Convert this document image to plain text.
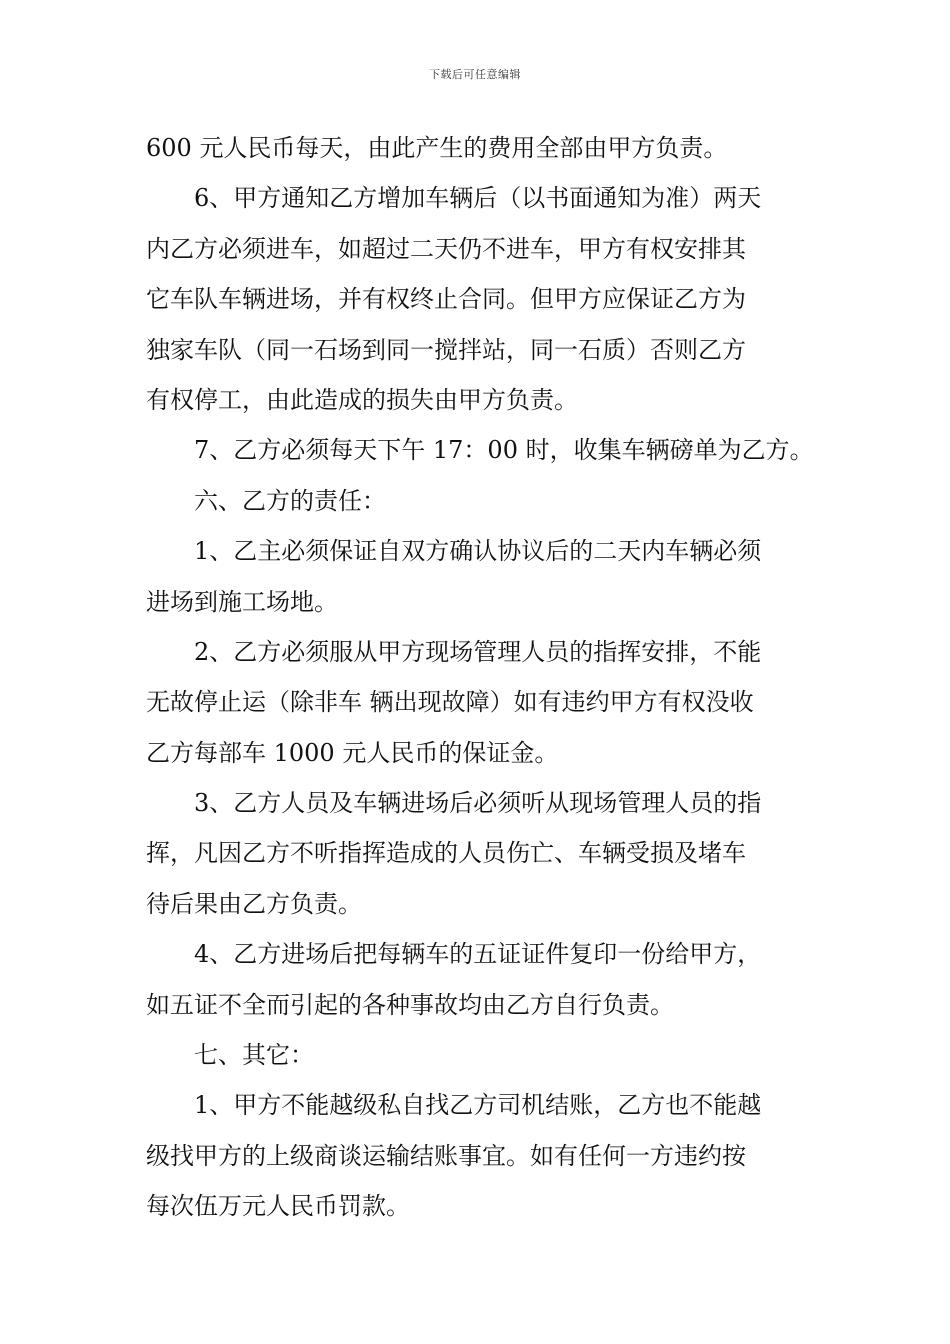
下载后可任意编辑
600 元人民币每天，由此产生的费用全部由甲方负责。
6、甲方通知乙方增加车辆后（以书面通知为准）两天
内乙方必须进车，如超过二天仍不进车，甲方有权安排其
它车队车辆进场，并有权终止合同。但甲方应保证乙方为
独家车队（同一石场到同一搅拌站，同一石质）否则乙方
有权停工，由此造成的损失由甲方负责。
7、乙方必须每天下午 17：00 时，收集车辆磅单为乙方。
六、乙方的责任：
1、乙主必须保证自双方确认协议后的二天内车辆必须
进场到施工场地。
2、乙方必须服从甲方现场管理人员的指挥安排，不能
无故停止运（除非车 辆出现故障）如有违约甲方有权没收
乙方每部车 1000 元人民币的保证金。
3、乙方人员及车辆进场后必须听从现场管理人员的指
挥，凡因乙方不听指挥造成的人员伤亡、车辆受损及堵车
待后果由乙方负责。
4、乙方进场后把每辆车的五证证件复印一份给甲方，
如五证不全而引起的各种事故均由乙方自行负责。
七、其它：
1、甲方不能越级私自找乙方司机结账，乙方也不能越
级找甲方的上级商谈运输结账事宜。如有任何一方违约按
每次伍万元人民币罚款。
